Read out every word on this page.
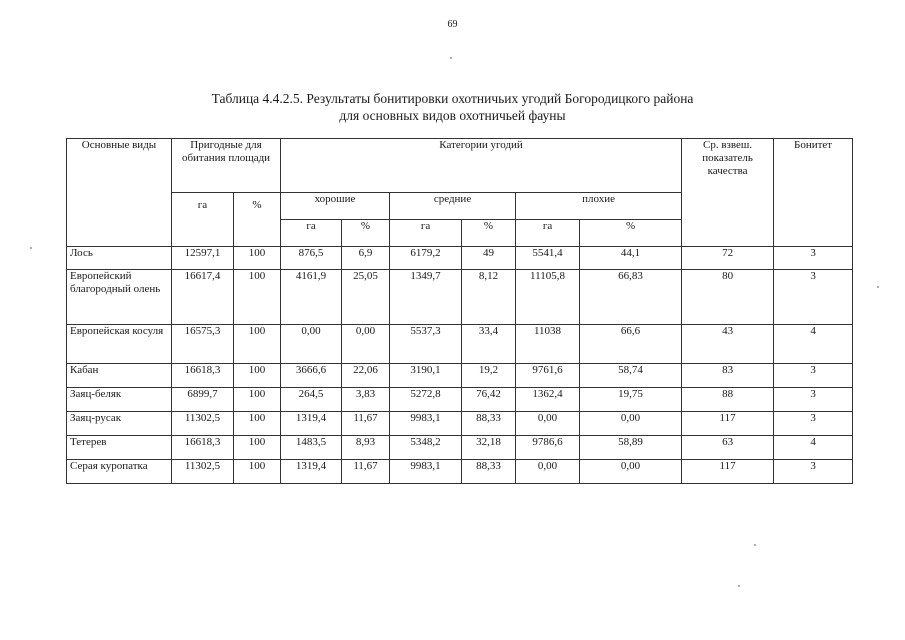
69
Таблица 4.4.2.5. Результаты бонитировки охотничьих угодий Богородицкого района
для основных видов охотничьей фауны
Основные виды	Пригодные для обитания площади		Категории угодий						Ср. взвеш. показатель качества	Бонитет
	га	%	хорошие		средние		плохие			
			га	%	га	%	га	%		
Лось	12597,1	100	876,5	6,9	6179,2	49	5541,4	44,1	72	3
Европейский благородный олень	16617,4	100	4161,9	25,05	1349,7	8,12	11105,8	66,83	80	3
Европейская косуля	16575,3	100	0,00	0,00	5537,3	33,4	11038	66,6	43	4
Кабан	16618,3	100	3666,6	22,06	3190,1	19,2	9761,6	58,74	83	3
Заяц-беляк	6899,7	100	264,5	3,83	5272,8	76,42	1362,4	19,75	88	3
Заяц-русак	11302,5	100	1319,4	11,67	9983,1	88,33	0,00	0,00	117	3
Тетерев	16618,3	100	1483,5	8,93	5348,2	32,18	9786,6	58,89	63	4
Серая куропатка	11302,5	100	1319,4	11,67	9983,1	88,33	0,00	0,00	117	3
